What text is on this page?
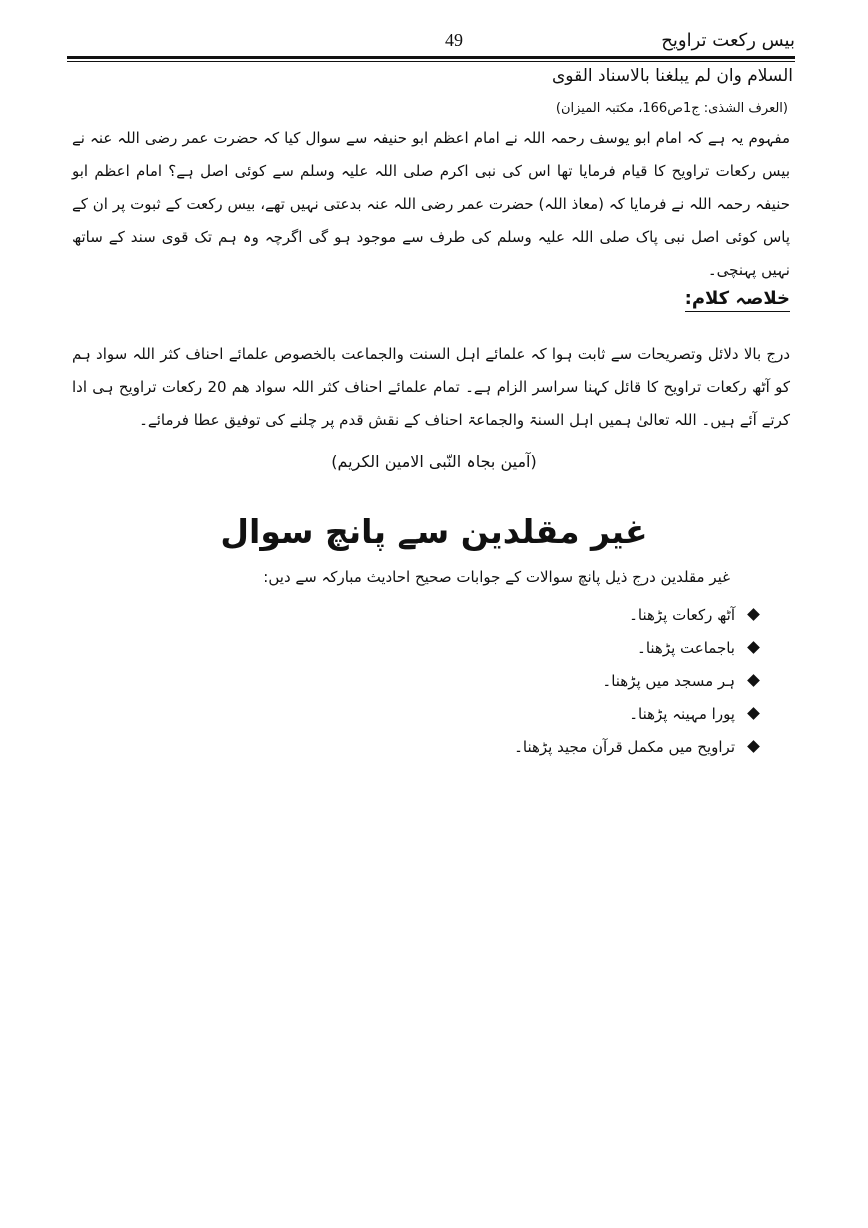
49	بیس رکعت تراویح
السلام وان لم یبلغنا بالاسناد القوی
(العرف الشذی: ج1ص166، مکتبہ المیزان)

مفہوم یہ ہے کہ امام ابو یوسف رحمہ اللہ نے امام اعظم ابو حنیفہ سے سوال کیا کہ حضرت عمر رضی اللہ عنہ نے بیس رکعات تراویح کا قیام فرمایا تھا اس کی نبی اکرم صلی اللہ علیہ وسلم سے کوئی اصل ہے؟ امام اعظم ابو حنیفہ رحمہ اللہ نے فرمایا کہ (معاذ اللہ) حضرت عمر رضی اللہ عنہ بدعتی نہیں تھے، بیس رکعت کے ثبوت پر ان کے پاس کوئی اصل نبی پاک صلی اللہ علیہ وسلم کی طرف سے موجود ہو گی اگرچہ وہ ہم تک قوی سند کے ساتھ نہیں پہنچی۔

خلاصہ کلام:

درج بالا دلائل وتصریحات سے ثابت ہوا کہ علمائے اہل السنت والجماعت بالخصوص علمائے احناف کثر اللہ سواد ہم کو آٹھ رکعات تراویح کا قائل کہنا سراسر الزام ہے۔ تمام علمائے احناف کثر اللہ سواد ھم 20 رکعات تراویح ہی ادا کرتے آئے ہیں۔ اللہ تعالیٰ ہمیں اہل السنۃ والجماعۃ احناف کے نقش قدم پر چلنے کی توفیق عطا فرمائے۔

(آمین بجاہ النّبی الامین الکریم)
غیر مقلدین سے پانچ سوال
غیر مقلدین درج ذیل پانچ سوالات کے جوابات صحیح احادیث مبارکہ سے دیں:
آٹھ رکعات پڑھنا۔
باجماعت پڑھنا۔
ہر مسجد میں پڑھنا۔
پورا مہینہ پڑھنا۔
تراویح میں مکمل قرآن مجید پڑھنا۔
